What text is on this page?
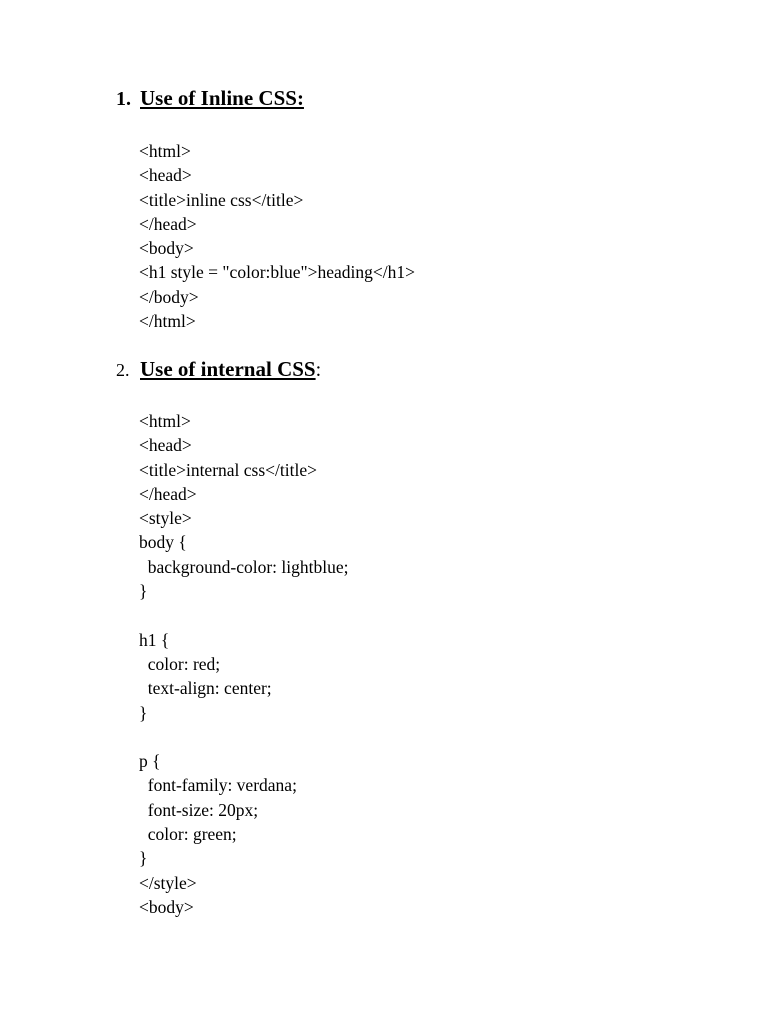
1. Use of Inline CSS:
<html>
<head>
<title>inline css</title>
</head>
<body>
<h1 style = "color:blue">heading</h1>
</body>
</html>
2. Use of internal CSS :
<html>
<head>
<title>internal css</title>
</head>
<style>
body {
background-color: lightblue;
}
h1 {
color: red;
text-align: center;
}
p {
font-family: verdana;
font-size: 20px;
color: green;
}
</style>
<body>
